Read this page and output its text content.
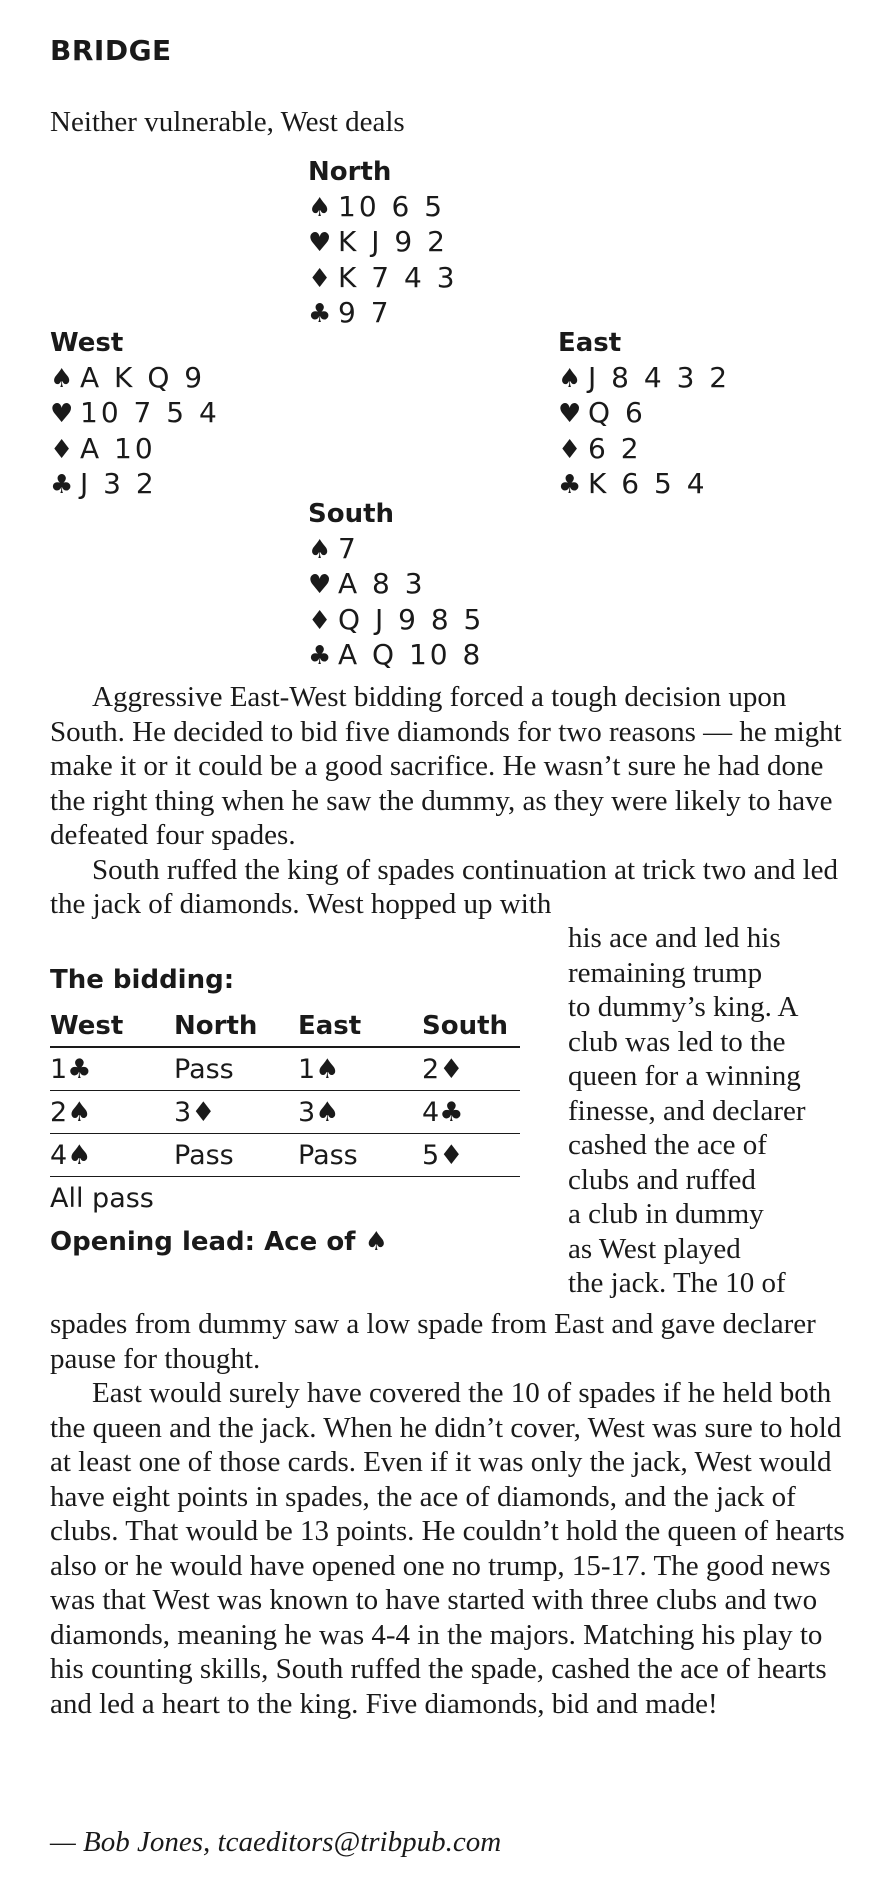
BRIDGE
Neither vulnerable, West deals
North
♠ 10 6 5
♥ K J 9 2
♦ K 7 4 3
♣ 9 7
West
♠ A K Q 9
♥ 10 7 5 4
♦ A 10
♣ J 3 2
East
♠ J 8 4 3 2
♥ Q 6
♦ 6 2
♣ K 6 5 4
South
♠ 7
♥ A 8 3
♦ Q J 9 8 5
♣ A Q 10 8

Aggressive East-West bidding forced a tough decision upon South. He decided to bid five diamonds for two reasons — he might make it or it could be a good sacrifice. He wasn’t sure he had done the right thing when he saw the dummy, as they were likely to have defeated four spades.

South ruffed the king of spades continuation at trick two and led the jack of diamonds. West hopped up with

his ace and led his
remaining trump
to dummy’s king. A
club was led to the
queen for a winning
finesse, and declarer
cashed the ace of
clubs and ruffed
a club in dummy
as West played
the jack. The 10 of
The bidding:
West	North	East	South
1♣	Pass	1♠	2♦
2♠	3♦	3♠	4♣
4♠	Pass	Pass	5♦
All pass
Opening lead: Ace of ♠

spades from dummy saw a low spade from East and gave declarer pause for thought.

East would surely have covered the 10 of spades if he held both the queen and the jack. When he didn’t cover, West was sure to hold at least one of those cards. Even if it was only the jack, West would have eight points in spades, the ace of diamonds, and the jack of clubs. That would be 13 points. He couldn’t hold the queen of hearts also or he would have opened one no trump, 15-17. The good news was that West was known to have started with three clubs and two diamonds, meaning he was 4-4 in the majors. Matching his play to his counting skills, South ruffed the spade, cashed the ace of hearts and led a heart to the king. Five diamonds, bid and made!

— Bob Jones, tcaeditors@tribpub.com
